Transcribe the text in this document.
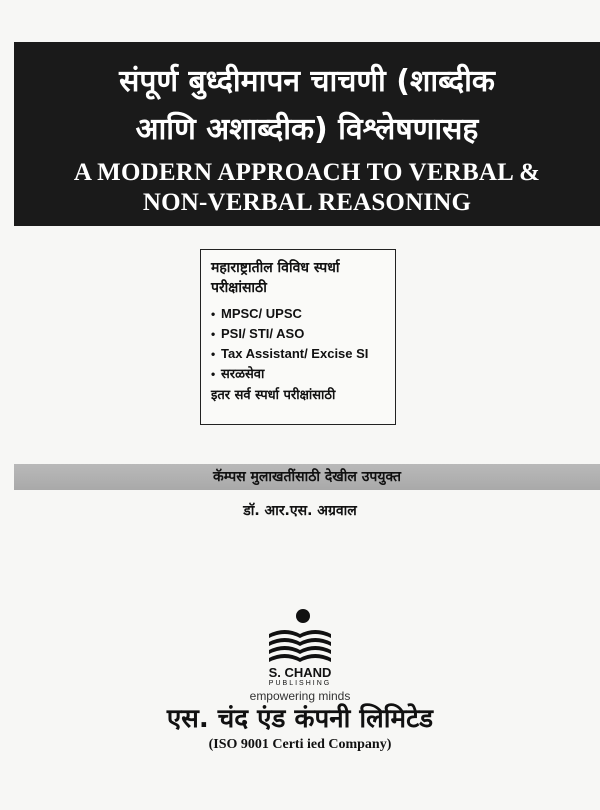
संपूर्ण बुध्दीमापन चाचणी (शाब्दीक

आणि अशाब्दीक) विश्लेषणासह

A MODERN APPROACH TO VERBAL &

NON-VERBAL REASONING

महाराष्ट्रातील विविध स्पर्धा परीक्षांसाठी
• MPSC/ UPSC
• PSI/ STI/ ASO
• Tax Assistant/ Excise SI
• सरळसेवा
इतर सर्व स्पर्धा परीक्षांसाठी
कॅम्पस मुलाखतींसाठी देखील उपयुक्त
डॉ. आर.एस. अग्रवाल
S. CHAND
PUBLISHING
empowering minds
एस. चंद एंड कंपनी लिमिटेड
(ISO 9001 Certi ied Company)
